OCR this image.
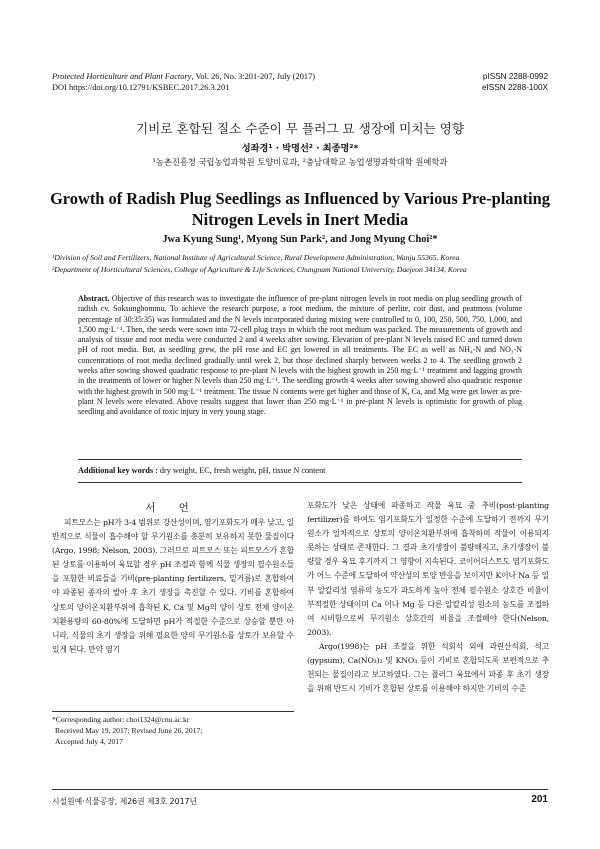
Protected Horticulture and Plant Factory, Vol. 26, No. 3:201-207, July (2017)
DOI https://doi.org/10.12791/KSBEC.2017.26.3.201
pISSN 2288-0992
eISSN 2288-100X
기비로 혼합된 질소 수준이 무 플러그 묘 생장에 미치는 영향
성좌경¹ · 박명선² · 최종명²*
¹농촌진흥청 국립농업과학원 토양비료과, ²충남대학교 농업생명과학대학 원예학과
Growth of Radish Plug Seedlings as Influenced by Various Pre-planting Nitrogen Levels in Inert Media
Jwa Kyung Sung¹, Myong Sun Park², and Jong Myung Choi²*
¹Division of Soil and Fertilizers, National Institute of Agricultural Science, Rural Development Administration, Wanju 55365, Korea
²Department of Horticultural Sciences, College of Agriculture & Life Sciences, Chungnam National University, Daejeon 34134, Korea
Abstract. Objective of this research was to investigate the influence of pre-plant nitrogen levels in root media on plug seedling growth of radish cv. Soksungbommu. To achieve the research purpose, a root medium, the mixture of perlite, coir dust, and peatmoss (volume percentage of 30:35:35) was formulated and the N levels incorporated during mixing were controlled to 0, 100, 250, 500, 750, 1,000, and 1,500 mg·L⁻¹. Then, the seeds were sown into 72-cell plug trays in which the root medium was packed. The measurements of growth and analysis of tissue and root media were conducted 2 and 4 weeks after sowing. Elevation of pre-plant N levels raised EC and turned down pH of root media. But, as seedling grew, the pH rose and EC get lowered in all treatments. The EC as well as NH₄-N and NO₃-N concentrations of root media declined gradually until week 2, but those declined sharply between weeks 2 to 4. The seedling growth 2 weeks after sowing showed quadratic response to pre-plant N levels with the highest growth in 250 mg·L⁻¹ treatment and lagging growth in the treatments of lower or higher N levels than 250 mg·L⁻¹. The seedling growth 4 weeks after sowing showed also quadratic response with the highest growth in 500 mg·L⁻¹ treatment. The tissue N contents were get higher and those of K, Ca, and Mg were get lower as pre-plant N levels were elevated. Above results suggest that lower than 250 mg·L⁻¹ in pre-plant N levels is optimistic for growth of plug seedling and avoidance of toxic injury in very young stage.
Additional key words : dry weight, EC, fresh weight, pH, tissue N content
서 언
피트모스는 pH가 3-4 범위로 강산성이며, 염기포화도가 매우 낮고, 일반적으로 식물이 흡수해야 할 무기원소를 충분히 보유하지 못한 물질이다(Argo, 1998; Nelson, 2003). 그러므로 피트모스 또는 피트모스가 혼합된 상토를 이용하여 육묘할 경우 pH 조절과 함께 식물 생장의 필수원소들을 포함한 비료들을 기비(pre-planting fertilizers, 밑거름)로 혼합하여야 파종된 종자의 발아 후 초기 생장을 촉진할 수 있다. 기비를 혼합하여 상토의 양이온치환부위에 흡착된 K, Ca 및 Mg의 양이 상토 전체 양이온치환용량의 60-80%에 도달하면 pH가 적절한 수준으로 상승할 뿐만 아니라, 식물의 초기 생장을 위해 필요한 양의 무기원소를 상토가 보유할 수 있게 된다. 만약 염기

포화도가 낮은 상태에 파종하고 작물 육묘 중 추비(post-planting fertilizer)를 하여도 염기포화도가 일정한 수준에 도달하기 전까지 무기원소가 일차적으로 상토의 양이온치환부위에 흡착하며 작물이 이용되지 못하는 상태로 존재한다. 그 결과 초기생장이 불량해지고, 초기생장이 불량할 경우 육묘 후기까지 그 영향이 지속된다. 코이어더스트도 염기포화도가 어느 수준에 도달하여 약산성의 토양 반응을 보이지만 K이나 Na 등 일부 알칼리성 염류의 농도가 과도하게 높아 전체 필수원소 상호간 비율이 부적절한 상태이며 Ca 이나 Mg 등 다른 알칼리성 원소의 농도를 조절하여 시비함으로써 무기원소 상호간의 비율을 조절해야 한다(Nelson, 2003).

Argo(1998)는 pH 조절을 위한 석회석 외에 과린산석회, 석고(gypsum), Ca(NO₃)₂ 및 KNO₃ 등이 기비로 혼합되도록 보편적으로 추천되는 물질이라고 보고하였다. 그는 플러그 육묘에서 파종 후 초기 생장을 위해 반드시 기비가 혼합된 상토를 이용해야 하지만 기비의 수준

*Corresponding author: choi1324@cnu.ac.kr
Received May 19, 2017; Revised June 26, 2017;
Accepted July 4, 2017
시설원예·식물공장, 제26권 제3호 2017년	201
